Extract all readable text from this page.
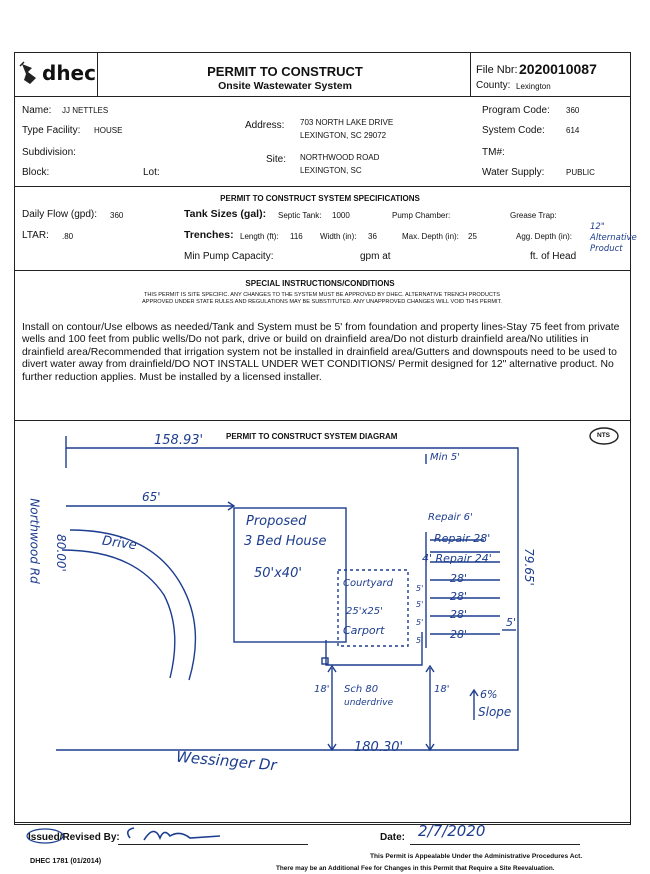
dhec	PERMIT TO CONSTRUCT
Onsite Wastewater System
File Nbr: 2020010087
County: Lexington
Name: JJ NETTLES
Type Facility: HOUSE
Subdivision:
Block:	Lot:
Address: 703 NORTH LAKE DRIVE
LEXINGTON, SC 29072
Site: NORTHWOOD ROAD
LEXINGTON, SC
Program Code: 360
System Code:	614
TM#:
Water Supply:	PUBLIC
PERMIT TO CONSTRUCT SYSTEM SPECIFICATIONS
Daily Flow (gpd): 360	Tank Sizes (gal): Septic Tank: 1000	Pump Chamber:	Grease Trap:
LTAR: .80	Trenches: Length (ft): 116 Width (in): 36	Max. Depth (in): 25	Agg. Depth (in):
12" Alternative Product
Min Pump Capacity:	gpm at	ft. of Head
SPECIAL INSTRUCTIONS/CONDITIONS
THIS PERMIT IS SITE SPECIFIC. ANY CHANGES TO THE SYSTEM MUST BE APPROVED BY DHEC. ALTERNATIVE TRENCH PRODUCTS
APPROVED UNDER STATE RULES AND REGULATIONS MAY BE SUBSTITUTED. ANY UNAPPROVED CHANGES WILL VOID THIS PERMIT.
Install on contour/Use elbows as needed/Tank and System must be 5' from foundation and property lines-Stay 75 feet from private wells and 100 feet from public wells/Do not park, drive or build on drainfield area/Do not disturb drainfield area/No utilities in drainfield area/Recommended that irrigation system not be installed in drainfield area/Gutters and downspouts need to be used to divert water away from drainfield/DO NOT INSTALL UNDER WET CONDITIONS/ Permit designed for 12" alternative product. No further reduction applies. Must be installed by a licensed installer.
PERMIT TO CONSTRUCT SYSTEM DIAGRAM	NTS
158.93'
Min 5'
65'
Drive
Northwood Rd 80.00'	79.65'
Proposed
3 Bed House
50'x40'
Courtyard
25'x25'
Carport
Repair 6'
Repair 28'
4' Repair 24'
28'
28'
28'
28'
5'
5'
5'
5'
5'
18' Sch 80
underdrive
18'	6%
Slope
180.30'
Wessinger Dr
Issued/Revised By:	Date: 2/7/2020
DHEC 1781 (01/2014)	This Permit is Appealable Under the Administrative Procedures Act.
There may be an Additional Fee for Changes in this Permit that Require a Site Reevaluation.
